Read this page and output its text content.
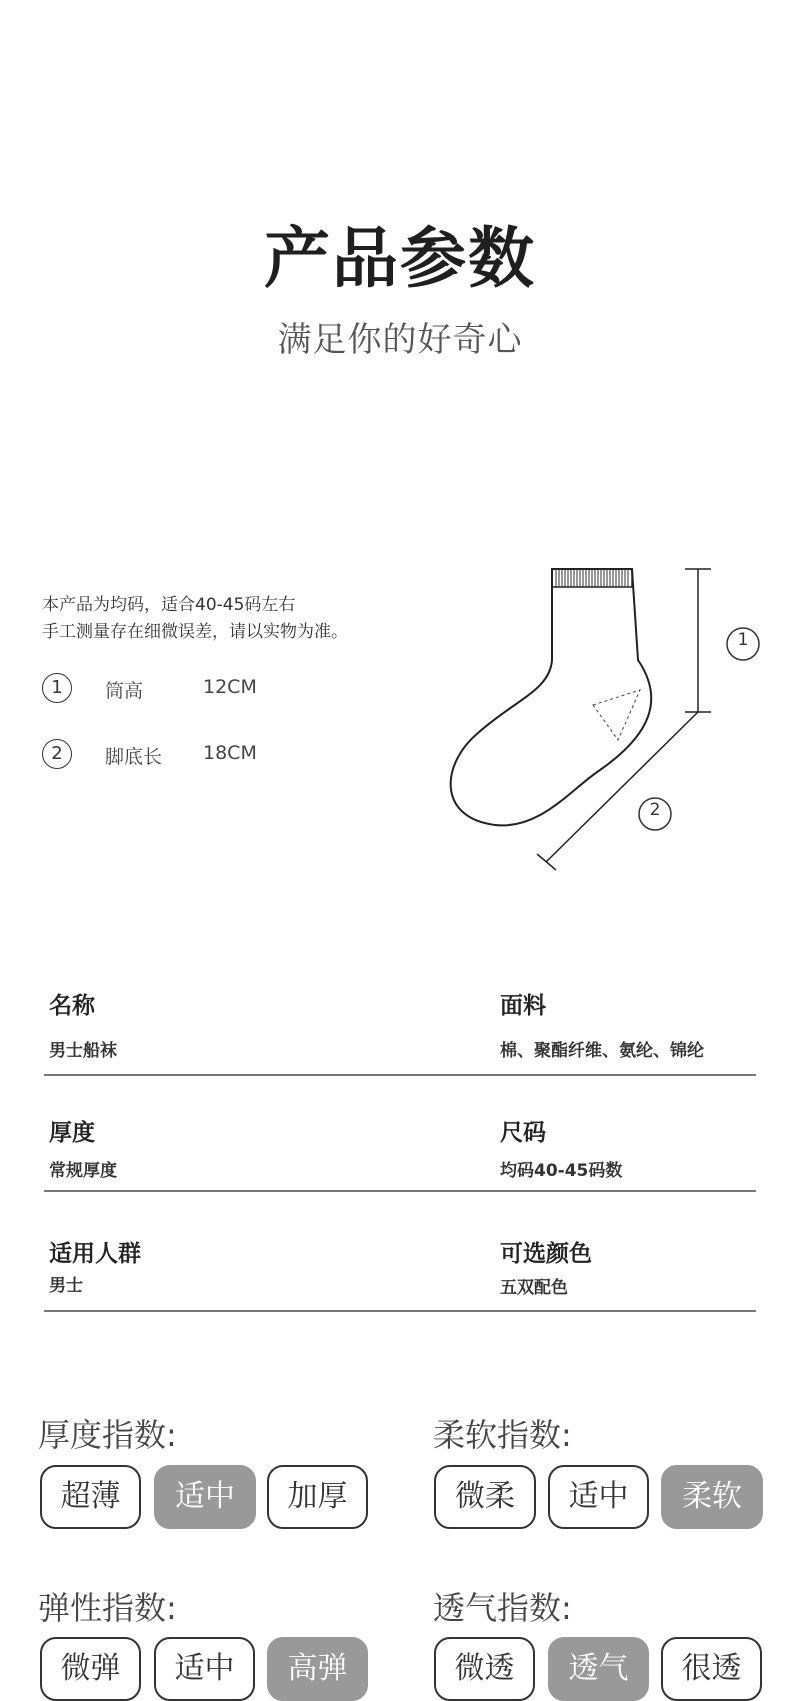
产品参数
满足你的好奇心
本产品为均码，适合40-45码左右
手工测量存在细微误差，请以实物为准。
1	筒高	12CM
2	脚底长 18CM
1
2
名称
男士船袜
面料
棉、聚酯纤维、氨纶、锦纶
厚度
常规厚度
尺码
均码40-45码数
适用人群
男士
可选颜色
五双配色
厚度指数:
超薄	适中	加厚
柔软指数:
微柔	适中	柔软
弹性指数:
微弹	适中	高弹
透气指数:
微透	透气	很透
